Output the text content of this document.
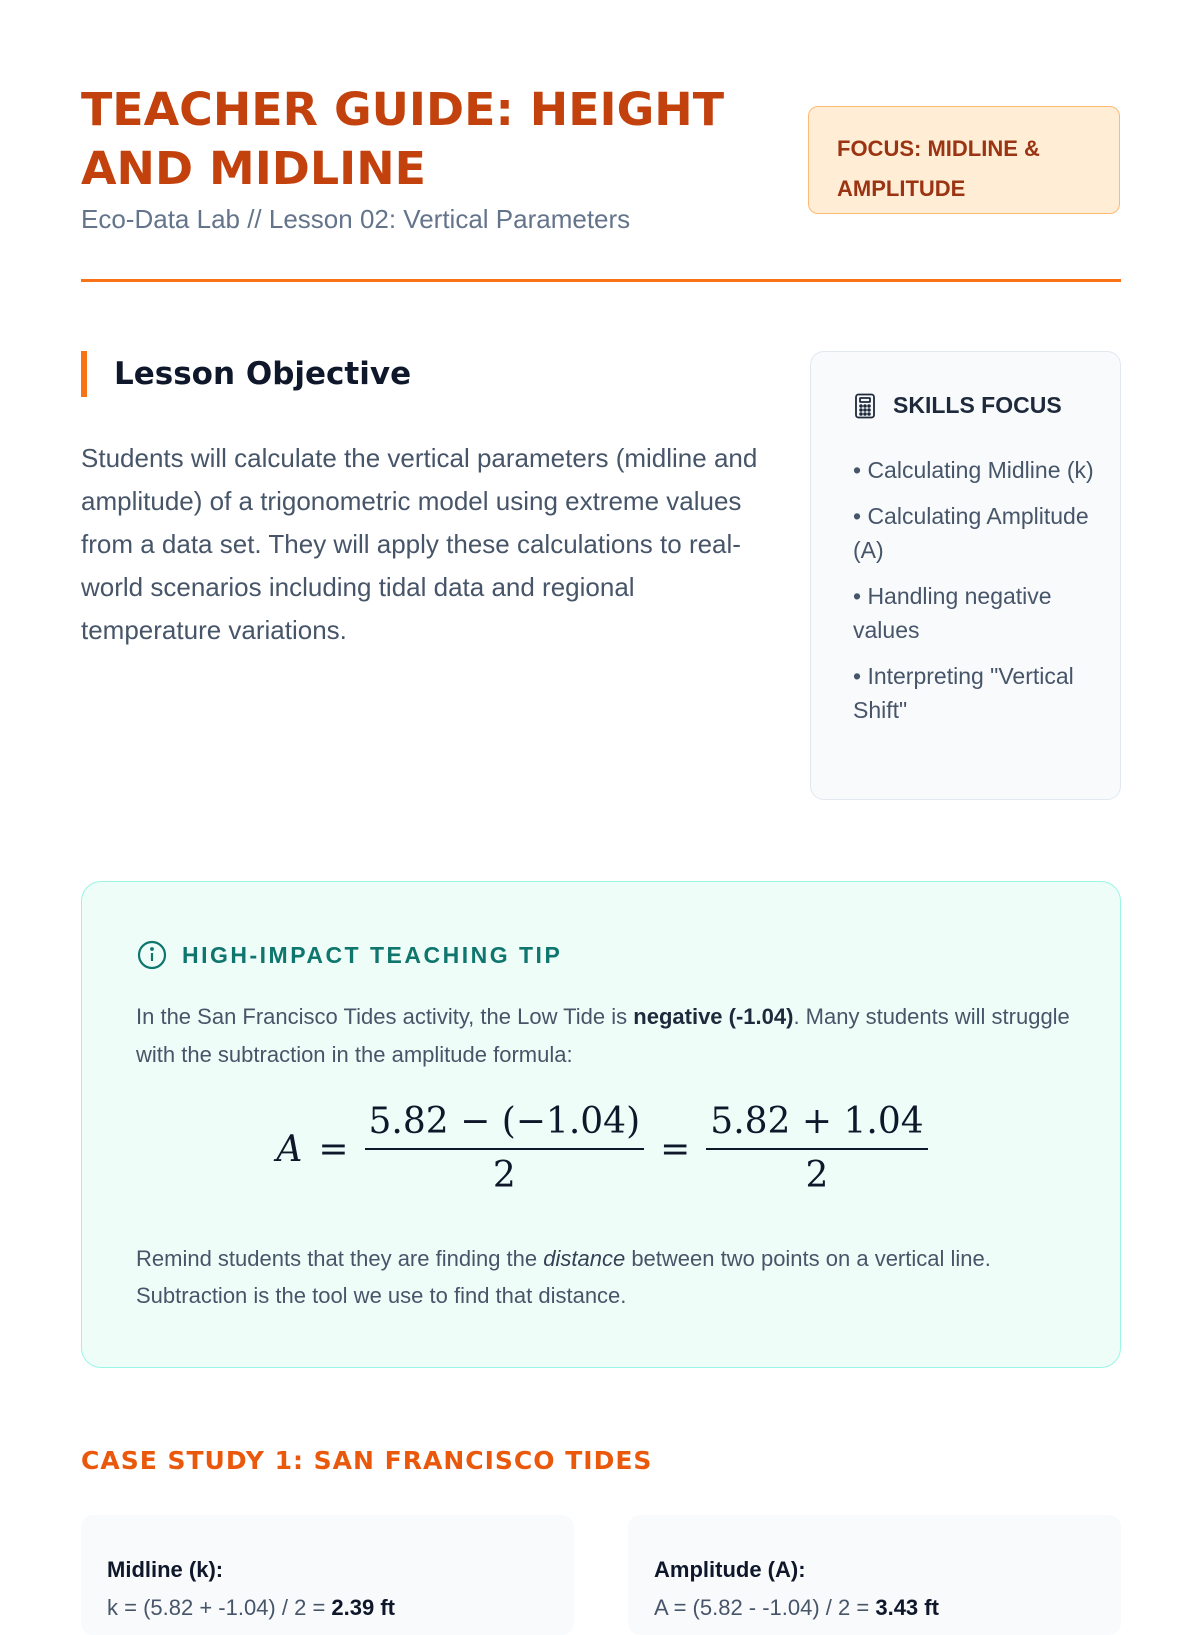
TEACHER GUIDE: HEIGHT AND MIDLINE
Eco-Data Lab // Lesson 02: Vertical Parameters
FOCUS: MIDLINE & AMPLITUDE
Lesson Objective

Students will calculate the vertical parameters (midline and amplitude) of a trigonometric model using extreme values from a data set. They will apply these calculations to real-world scenarios including tidal data and regional temperature variations.

SKILLS FOCUS
• Calculating Midline (k)
• Calculating Amplitude (A)
• Handling negative values
• Interpreting "Vertical Shift"
HIGH-IMPACT TEACHING TIP

In the San Francisco Tides activity, the Low Tide is negative (-1.04). Many students will struggle with the subtraction in the amplitude formula:

$A = \frac{5.82 - (-1.04)}{2} = \frac{5.82 + 1.04}{2}$

Remind students that they are finding the distance between two points on a vertical line. Subtraction is the tool we use to find that distance.

CASE STUDY 1: SAN FRANCISCO TIDES
Midline (k):
k = (5.82 + -1.04) / 2 = 2.39 ft
Amplitude (A):
A = (5.82 - -1.04) / 2 = 3.43 ft
